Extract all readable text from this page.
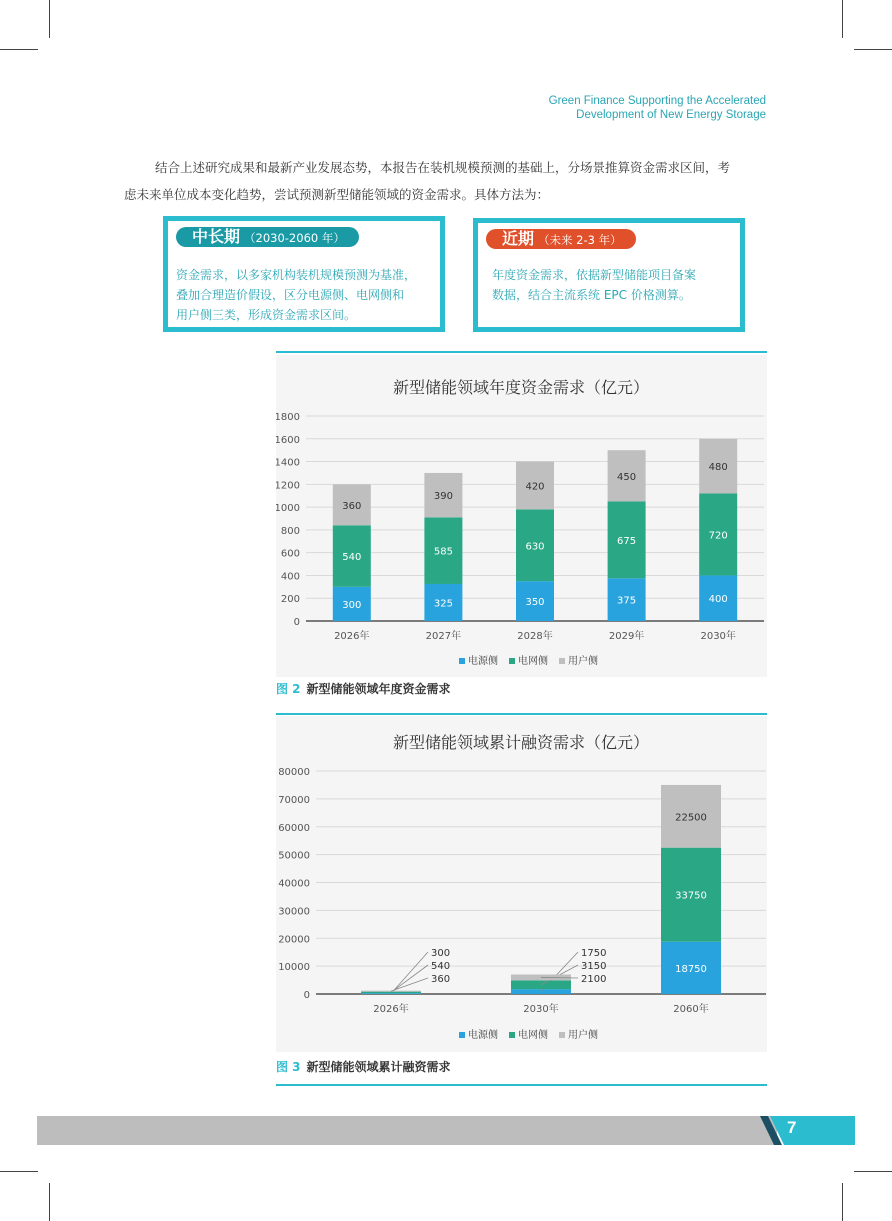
Green Finance Supporting the Accelerated
Development of New Energy Storage
结合上述研究成果和最新产业发展态势，本报告在装机规模预测的基础上，分场景推算资金需求区间，考
虑未来单位成本变化趋势，尝试预测新型储能领域的资金需求。具体方法为：
中长期 （2030-2060 年）
资金需求，以多家机构装机规模预测为基准，
叠加合理造价假设，区分电源侧、电网侧和
用户侧三类，形成资金需求区间。
近期 （未来 2-3 年）
年度资金需求，依据新型储能项目备案
数据，结合主流系统 EPC 价格测算。
新型储能领域年度资金需求（亿元）
0
200
400
600
800
1000
1200
1400
1600
1800
300
540
360
2026年
325
585
390
2027年
350
630
420
2028年
375
675
450
2029年
400
720
480
2030年
电源侧 电网侧 用户侧
图 2 新型储能领域年度资金需求
新型储能领域累计融资需求（亿元）
0
10000
20000
30000
40000
50000
60000
70000
80000
300
540
360
2026年
1750
3150
2100
2030年
18750
33750
22500
2060年
电源侧 电网侧 用户侧
图 3 新型储能领域累计融资需求
7
